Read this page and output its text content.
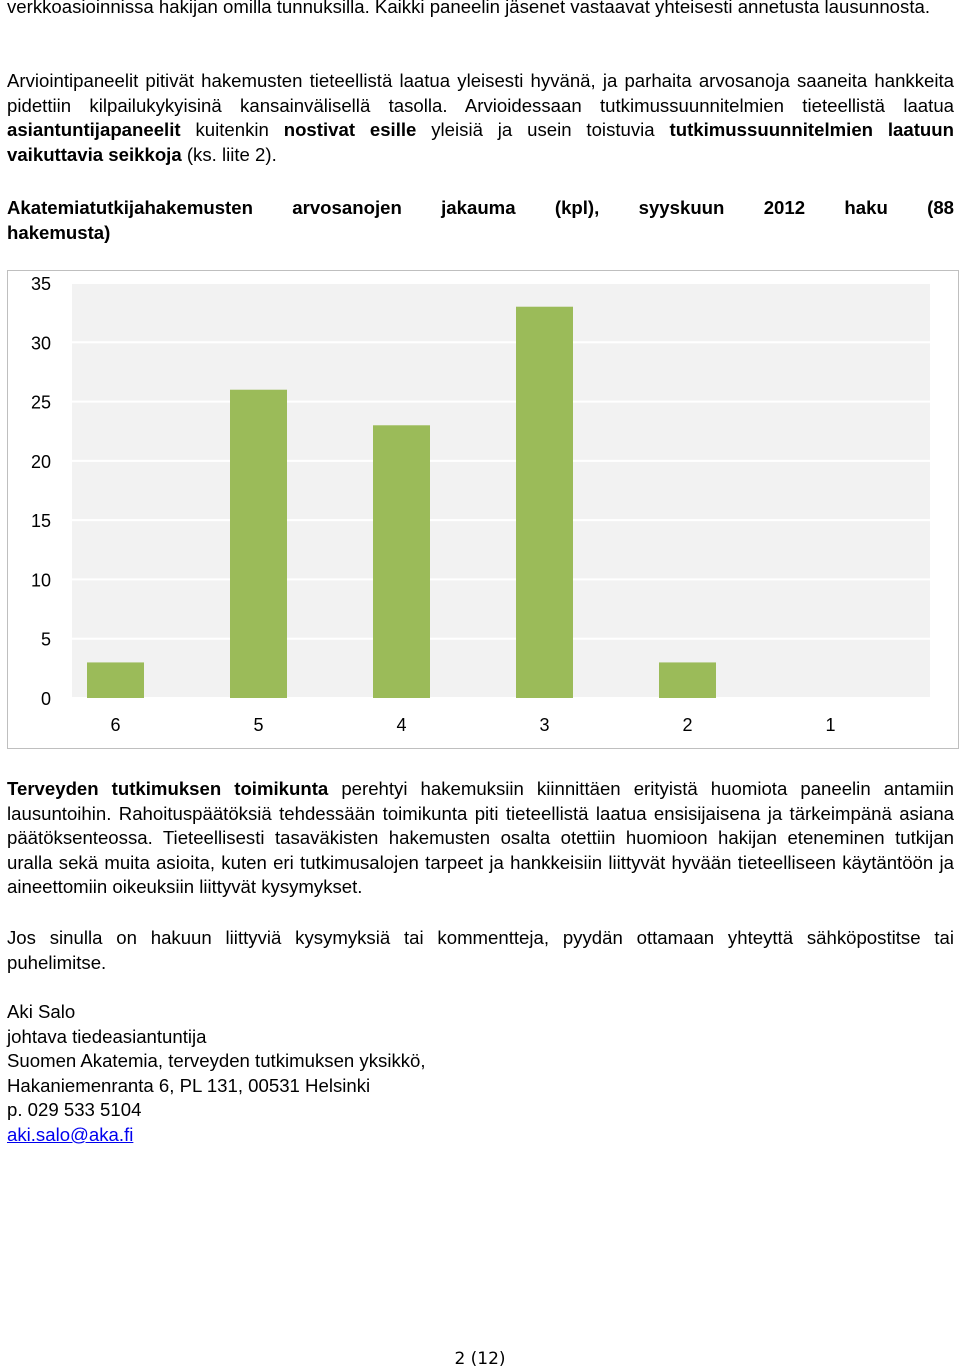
verkkoasioinnissa hakijan omilla tunnuksilla. Kaikki paneelin jäsenet vastaavat yhteisesti annetusta lausunnosta.

Arviointipaneelit pitivät hakemusten tieteellistä laatua yleisesti hyvänä, ja parhaita arvosanoja saaneita hankkeita pidettiin kilpailukykyisinä kansainvälisellä tasolla. Arvioidessaan tutkimussuunnitelmien tieteellistä laatua asiantuntijapaneelit kuitenkin nostivat esille yleisiä ja usein toistuvia tutkimussuunnitelmien laatuun vaikuttavia seikkoja (ks. liite 2).

Akatemiatutkijahakemusten arvosanojen jakauma (kpl), syyskuun 2012 haku (88
hakemusta)

Terveyden tutkimuksen toimikunta perehtyi hakemuksiin kiinnittäen erityistä huomiota paneelin antamiin lausuntoihin. Rahoituspäätöksiä tehdessään toimikunta piti tieteellistä laatua ensisijaisena ja tärkeimpänä asiana päätöksenteossa. Tieteellisesti tasaväkisten hakemusten osalta otettiin huomioon hakijan eteneminen tutkijan uralla sekä muita asioita, kuten eri tutkimusalojen tarpeet ja hankkeisiin liittyvät hyvään tieteelliseen käytäntöön ja aineettomiin oikeuksiin liittyvät kysymykset.

Jos sinulla on hakuun liittyviä kysymyksiä tai kommentteja, pyydän ottamaan yhteyttä sähköpostitse tai puhelimitse.

Aki Salo
johtava tiedeasiantuntija
Suomen Akatemia, terveyden tutkimuksen yksikkö,
Hakaniemenranta 6, PL 131, 00531 Helsinki
p. 029 533 5104
aki.salo@aka.fi
0
5
10
15
20
25
30
35
6	5	4	3	2	1
2 (12)
